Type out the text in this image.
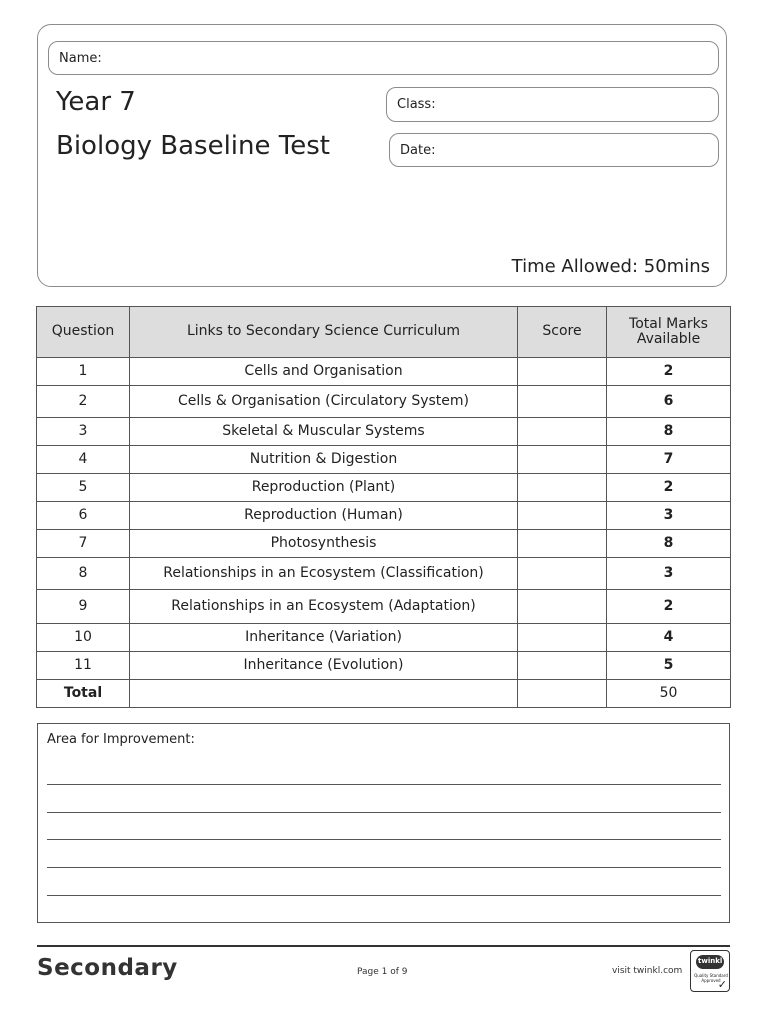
Name:
Class:
Date:
Year 7
Biology Baseline Test
Time Allowed: 50mins
Question	Links to Secondary Science Curriculum	Score	Total Marks
Available
1	Cells and Organisation		2
2	Cells & Organisation (Circulatory System)		6
3	Skeletal & Muscular Systems		8
4	Nutrition & Digestion		7
5	Reproduction (Plant)		2
6	Reproduction (Human)		3
7	Photosynthesis		8
8	Relationships in an Ecosystem (Classification)		3
9	Relationships in an Ecosystem (Adaptation)		2
10	Inheritance (Variation)		4
11	Inheritance (Evolution)		5
Total			50
Area for Improvement:
Secondary	Page 1 of 9	visit twinkl.com
twinkl
Quality Standard Approved
✓
